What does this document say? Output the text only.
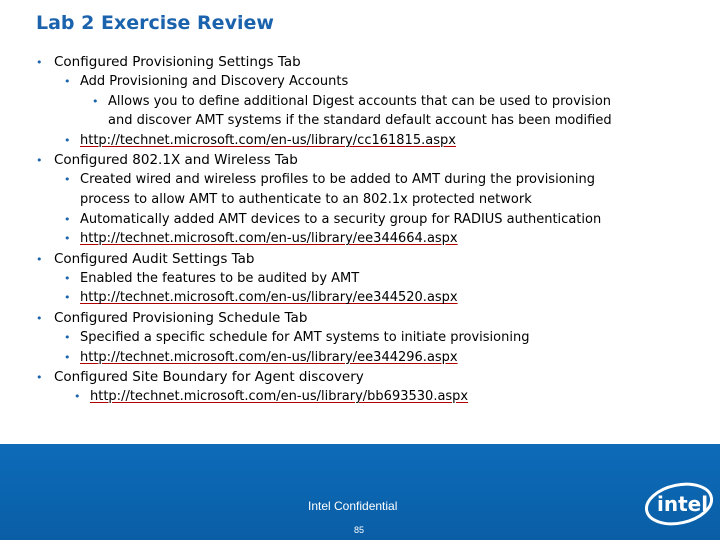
Lab 2 Exercise Review
• Configured Provisioning Settings Tab
• Add Provisioning and Discovery Accounts
• Allows you to define additional Digest accounts that can be used to provision
and discover AMT systems if the standard default account has been modified
• http://technet.microsoft.com/en-us/library/cc161815.aspx
• Configured 802.1X and Wireless Tab
• Created wired and wireless profiles to be added to AMT during the provisioning
process to allow AMT to authenticate to an 802.1x protected network
• Automatically added AMT devices to a security group for RADIUS authentication
• http://technet.microsoft.com/en-us/library/ee344664.aspx
• Configured Audit Settings Tab
• Enabled the features to be audited by AMT
• http://technet.microsoft.com/en-us/library/ee344520.aspx
• Configured Provisioning Schedule Tab
• Specified a specific schedule for AMT systems to initiate provisioning
• http://technet.microsoft.com/en-us/library/ee344296.aspx
• Configured Site Boundary for Agent discovery
• http://technet.microsoft.com/en-us/library/bb693530.aspx
Intel Confidential
85
intel
